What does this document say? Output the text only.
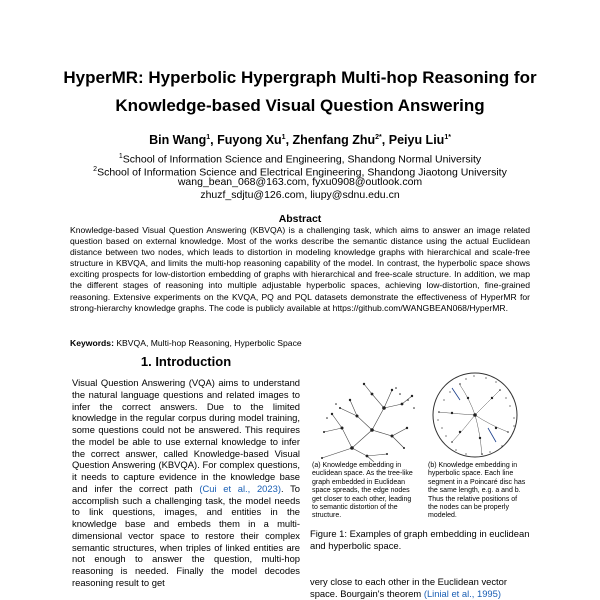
HyperMR: Hyperbolic Hypergraph Multi-hop Reasoning for
Knowledge-based Visual Question Answering
Bin Wang$^1$, Fuyong Xu$^1$, Zhenfang Zhu$^{2*}$, Peiyu Liu$^{1*}$
$^1$School of Information Science and Engineering, Shandong Normal University
$^2$School of Information Science and Electrical Engineering, Shandong Jiaotong University
wang_bean_068@163.com, fyxu0908@outlook.com
zhuzf_sdjtu@126.com, liupy@sdnu.edu.cn
Abstract
Knowledge-based Visual Question Answering (KBVQA) is a challenging task, which aims to answer an image related question based on external knowledge. Most of the works describe the semantic distance using the actual Euclidean distance between two nodes, which leads to distortion in modeling knowledge graphs with hierarchical and scale-free structure in KBVQA, and limits the multi-hop reasoning capability of the model. In contrast, the hyperbolic space shows exciting prospects for low-distortion embedding of graphs with hierarchical and free-scale structure. In addition, we map the different stages of reasoning into multiple adjustable hyperbolic spaces, achieving low-distortion, fine-grained reasoning. Extensive experiments on the KVQA, PQ and PQL datasets demonstrate the effectiveness of HyperMR for strong-hierarchy knowledge graphs. The code is publicly available at https://github.com/WANGBEAN068/HyperMR.
Keywords: KBVQA, Multi-hop Reasoning, Hyperbolic Space
1. Introduction
Visual Question Answering (VQA) aims to understand the natural language questions and related images to infer the correct answers. Due to the limited knowledge in the regular corpus during model training, some questions could not be answered. This requires the model be able to use external knowledge to infer the correct answer, called Knowledge-based Visual Question Answering (KBVQA). For complex questions, it needs to capture evidence in the knowledge base and infer the correct path (Cui et al., 2023). To accomplish such a challenging task, the model needs to link questions, images, and entities in the knowledge base and embeds them in a multi-dimensional vector space to restore their complex semantic structures, when triples of linked entities are not enough to answer the question, multi-hop reasoning is needed. Finally the model decodes reasoning result to get
(a) Knowledge embedding in euclidean space. As the tree-like graph embedded in Euclidean space spreads, the edge nodes get closer to each other, leading to semantic distortion of the structure.
(b) Knowledge embedding in hyperbolic space. Each line segment in a Poincaré disc has the same length, e.g. a and b. Thus the relative positions of the nodes can be properly modeled.
Figure 1: Examples of graph embedding in euclidean and hyperbolic space.
very close to each other in the Euclidean vector
space. Bourgain's theorem (Linial et al., 1995)
